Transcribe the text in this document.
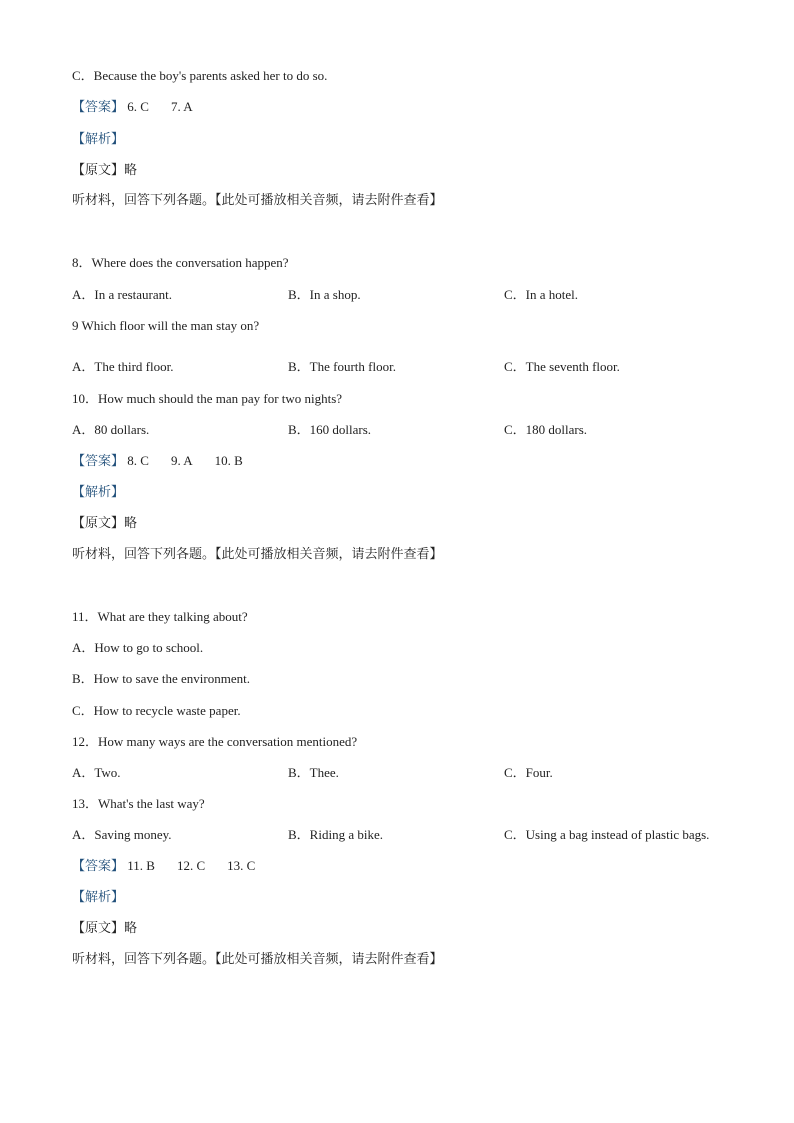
C．Because the boy's parents asked her to do so.
【答案】 6. C 7. A
【解析】
【原文】略
听材料，回答下列各题。【此处可播放相关音频，请去附件查看】
8．Where does the conversation happen?
A．In a restaurant.	B．In a shop.	C．In a hotel.
9 Which floor will the man stay on?
A．The third floor.	B．The fourth floor.	C．The seventh floor.
10．How much should the man pay for two nights?
A．80 dollars.	B．160 dollars.	C．180 dollars.
【答案】 8. C 9. A 10. B
【解析】
【原文】略
听材料，回答下列各题。【此处可播放相关音频，请去附件查看】
11．What are they talking about?
A．How to go to school.
B．How to save the environment.
C．How to recycle waste paper.
12．How many ways are the conversation mentioned?
A．Two.	B．Thee.	C．Four.
13．What's the last way?
A．Saving money.	B．Riding a bike.	C．Using a bag instead of plastic bags.
【答案】 11. B 12. C 13. C
【解析】
【原文】略
听材料，回答下列各题。【此处可播放相关音频，请去附件查看】
